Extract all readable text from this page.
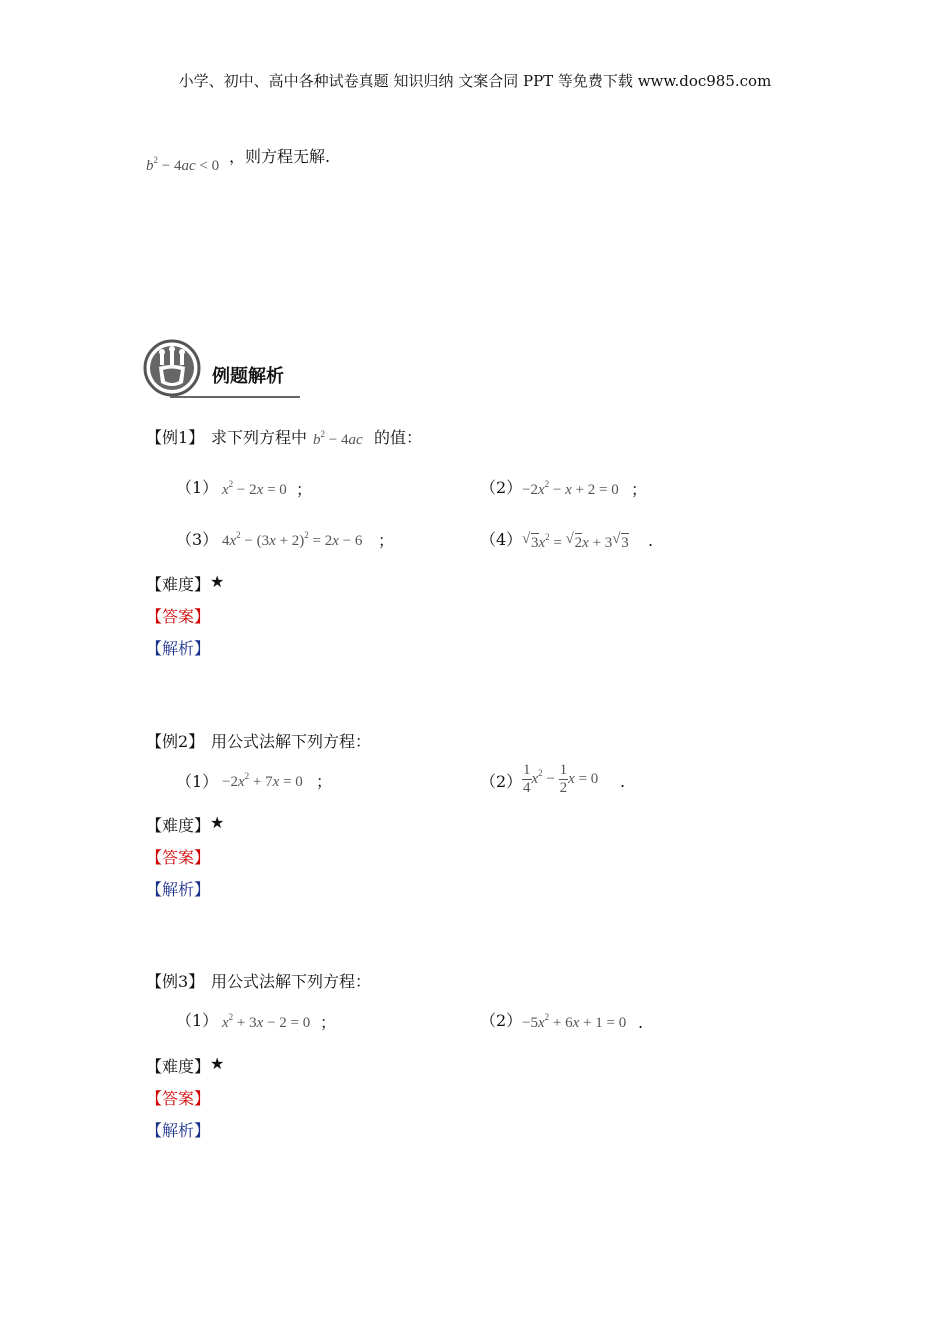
小学、初中、高中各种试卷真题 知识归纳 文案合同 PPT 等免费下载 www.doc985.com
$b^2 - 4ac < 0$ ，则方程无解.
例题解析
【例1】 求下列方程中 $b^2 - 4ac$ 的值：
（1） $x^2 - 2x = 0$ ；	$(2) -2x^2 - x + 2 = 0$ ；
（3） $4x^2 - (3x + 2)^2 = 2x - 6$ ；	（4） √ $3x^2$ = √ 2x + 3 √ 3 .
【难度】 ★
【答案】
【解析】
【例2】 用公式法解下列方程：
$(1) -2x^2 + 7x = 0$ ；	$(2) \frac{1}{4} x^2 - \frac{1}{2}$ x = 0 .
【难度】 ★
【答案】
【解析】
【例3】 用公式法解下列方程：
（1） $x^2 + 3x - 2 = 0$ ；	$(2) -5x^2 + 6x + 1 = 0$ .
【难度】 ★
【答案】
【解析】
